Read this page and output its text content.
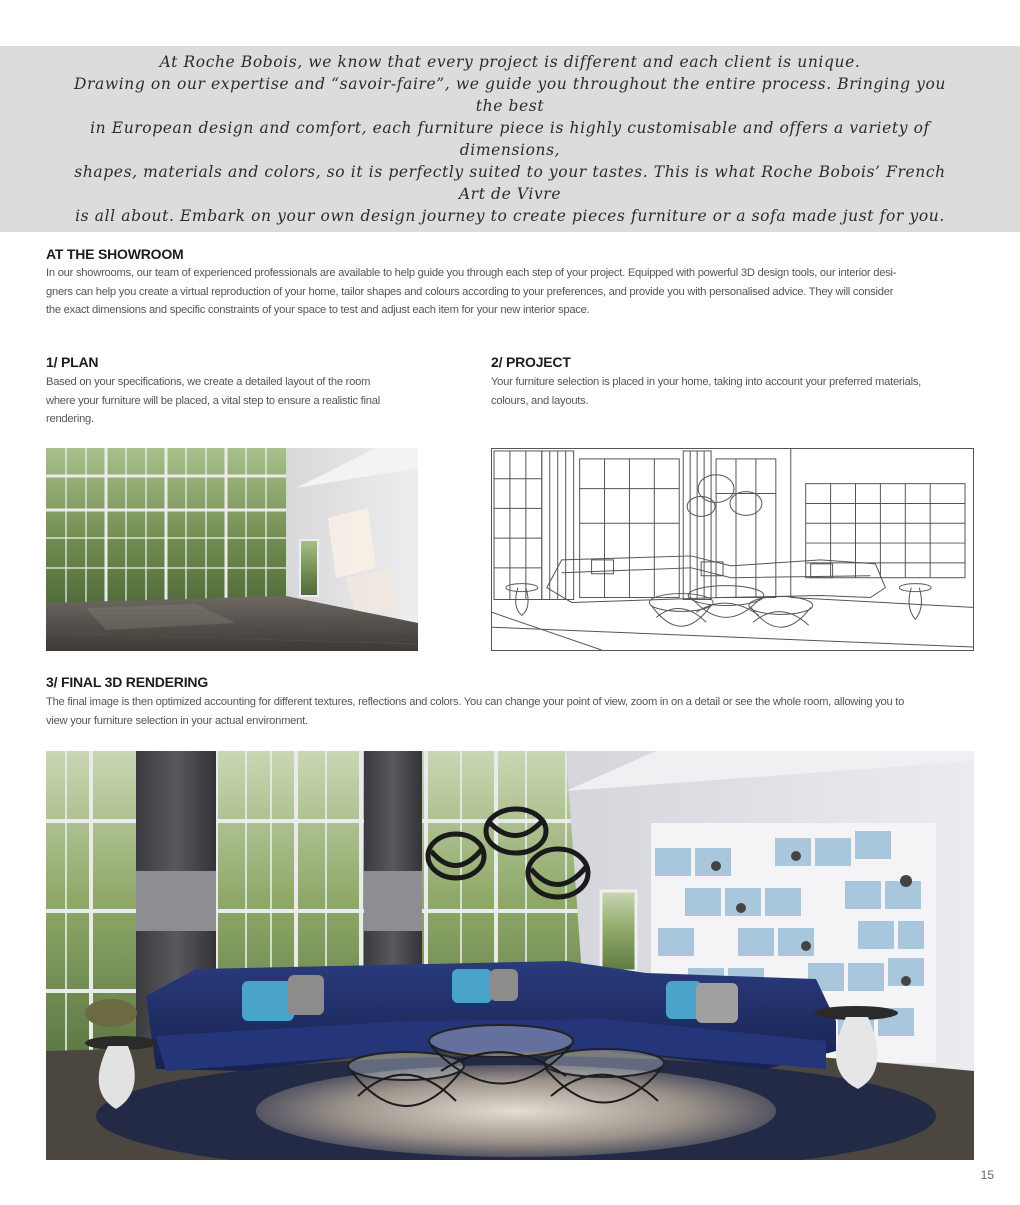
At Roche Bobois, we know that every project is different and each client is unique.
Drawing on our expertise and “savoir-faire”, we guide you throughout the entire process. Bringing you the best
in European design and comfort, each furniture piece is highly customisable and offers a variety of dimensions,
shapes, materials and colors, so it is perfectly suited to your tastes. This is what Roche Bobois’ French Art de Vivre
is all about. Embark on your own design journey to create pieces furniture or a sofa made just for you.
AT THE SHOWROOM
In our showrooms, our team of experienced professionals are available to help guide you through each step of your project. Equipped with powerful 3D design tools, our interior desi-
gners can help you create a virtual reproduction of your home, tailor shapes and colours according to your preferences, and provide you with personalised advice. They will consider
the exact dimensions and specific constraints of your space to test and adjust each item for your new interior space.
1/ PLAN
Based on your specifications, we create a detailed layout of the room
where your furniture will be placed, a vital step to ensure a realistic final
rendering.
2/ PROJECT
Your furniture selection is placed in your home, taking into account your preferred materials,
colours, and layouts.
3/ FINAL 3D RENDERING
The final image is then optimized accounting for different textures, reflections and colors. You can change your point of view, zoom in on a detail or see the whole room, allowing you to
view your furniture selection in your actual environment.
15
